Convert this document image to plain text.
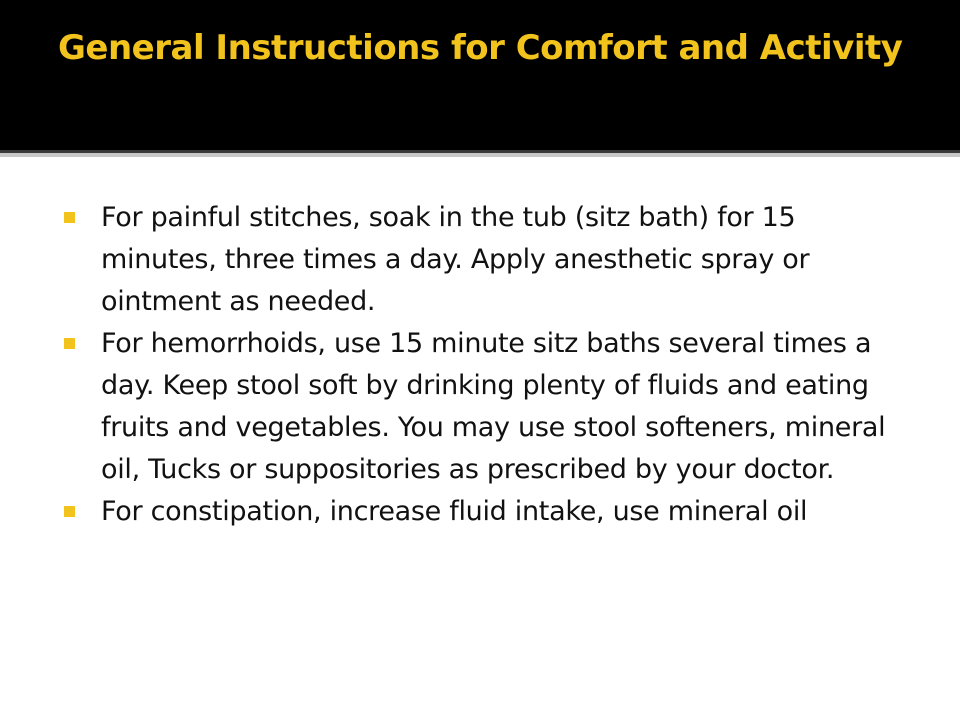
General Instructions for Comfort and Activity
For painful stitches, soak in the tub (sitz bath) for 15 minutes, three times a day. Apply anesthetic spray or ointment as needed.
For hemorrhoids, use 15 minute sitz baths several times a day. Keep stool soft by drinking plenty of fluids and eating fruits and vegetables. You may use stool softeners, mineral oil, Tucks or suppositories as prescribed by your doctor.
For constipation, increase fluid intake, use mineral oil
